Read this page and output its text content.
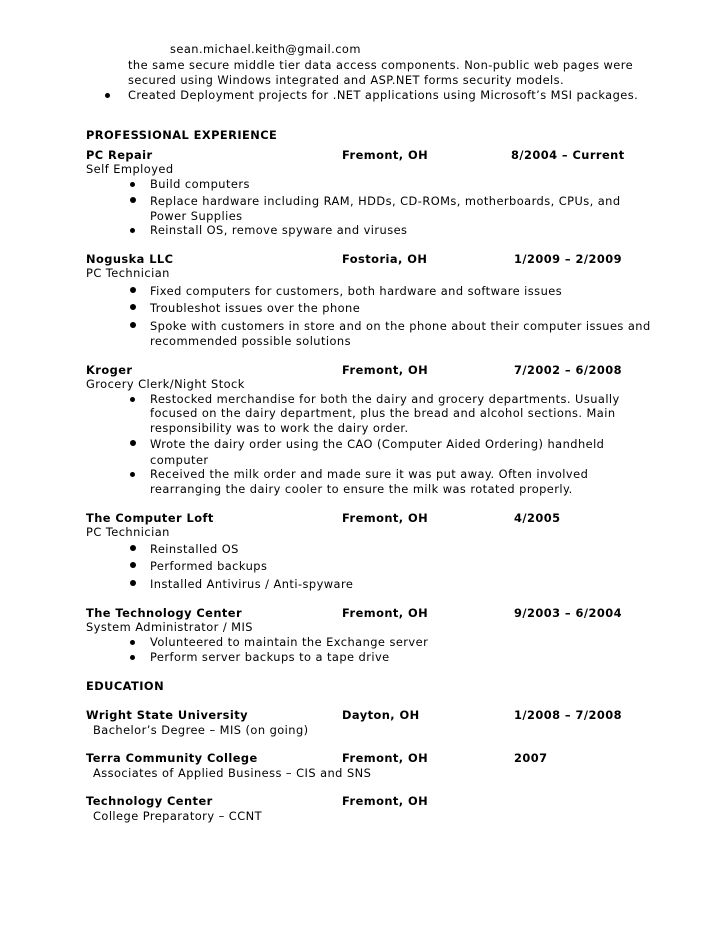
sean.michael.keith@gmail.com
the same secure middle tier data access components. Non-public web pages were
secured using Windows integrated and ASP.NET forms security models.
Created Deployment projects for .NET applications using Microsoft’s MSI packages.
PROFESSIONAL EXPERIENCE
PC Repair	Fremont, OH	8/2004 – Current
Self Employed
Build computers
Replace hardware including RAM, HDDs, CD-ROMs, motherboards, CPUs, and
Power Supplies
Reinstall OS, remove spyware and viruses
Noguska LLC	Fostoria, OH	1/2009 – 2/2009
PC Technician
Fixed computers for customers, both hardware and software issues
Troubleshot issues over the phone
Spoke with customers in store and on the phone about their computer issues and
recommended possible solutions
Kroger	Fremont, OH	7/2002 – 6/2008
Grocery Clerk/Night Stock
Restocked merchandise for both the dairy and grocery departments. Usually
focused on the dairy department, plus the bread and alcohol sections. Main
responsibility was to work the dairy order.
Wrote the dairy order using the CAO (Computer Aided Ordering) handheld
computer
Received the milk order and made sure it was put away. Often involved
rearranging the dairy cooler to ensure the milk was rotated properly.
The Computer Loft	Fremont, OH	4/2005
PC Technician
Reinstalled OS
Performed backups
Installed Antivirus / Anti-spyware
The Technology Center	Fremont, OH	9/2003 – 6/2004
System Administrator / MIS
Volunteered to maintain the Exchange server
Perform server backups to a tape drive
EDUCATION
Wright State University	Dayton, OH	1/2008 – 7/2008
Bachelor’s Degree – MIS (on going)
Terra Community College	Fremont, OH	2007
Associates of Applied Business – CIS and SNS
Technology Center	Fremont, OH
College Preparatory – CCNT
